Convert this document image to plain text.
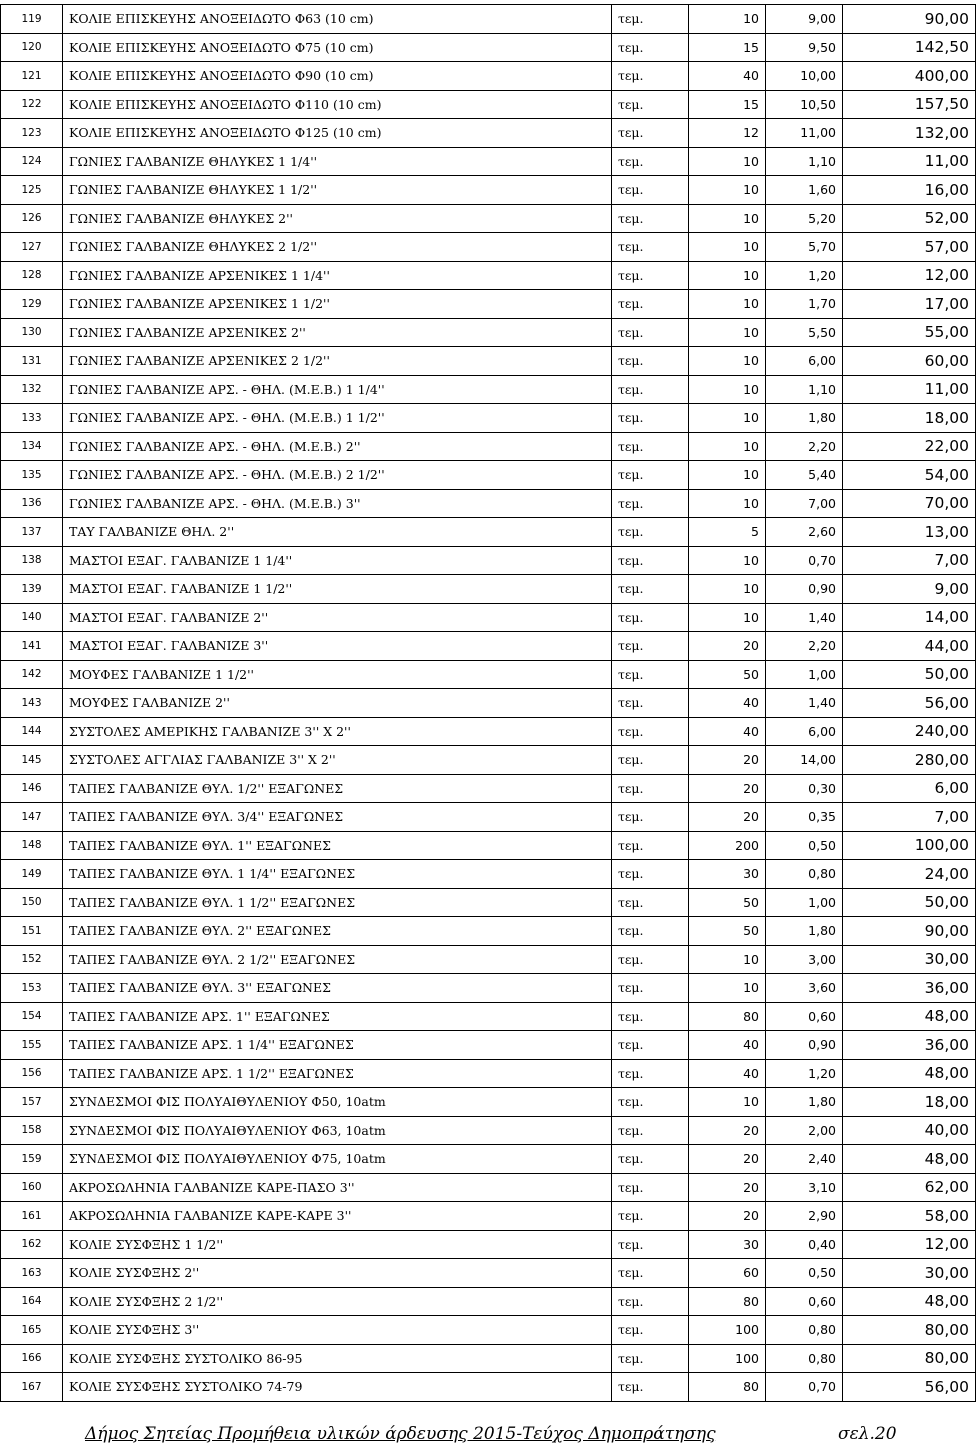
119	ΚΟΛΙΕ ΕΠΙΣΚΕΥΗΣ ΑΝΟΞΕΙΔΩΤΟ Φ63 (10 cm)	τεμ.	10	9,00	90,00
120	ΚΟΛΙΕ ΕΠΙΣΚΕΥΗΣ ΑΝΟΞΕΙΔΩΤΟ Φ75 (10 cm)	τεμ.	15	9,50	142,50
121	ΚΟΛΙΕ ΕΠΙΣΚΕΥΗΣ ΑΝΟΞΕΙΔΩΤΟ Φ90 (10 cm)	τεμ.	40	10,00	400,00
122	ΚΟΛΙΕ ΕΠΙΣΚΕΥΗΣ ΑΝΟΞΕΙΔΩΤΟ Φ110 (10 cm)	τεμ.	15	10,50	157,50
123	ΚΟΛΙΕ ΕΠΙΣΚΕΥΗΣ ΑΝΟΞΕΙΔΩΤΟ Φ125 (10 cm)	τεμ.	12	11,00	132,00
124	ΓΩΝΙΕΣ ΓΑΛΒΑΝΙΖΕ ΘΗΛΥΚΕΣ 1 1/4''	τεμ.	10	1,10	11,00
125	ΓΩΝΙΕΣ ΓΑΛΒΑΝΙΖΕ ΘΗΛΥΚΕΣ 1 1/2''	τεμ.	10	1,60	16,00
126	ΓΩΝΙΕΣ ΓΑΛΒΑΝΙΖΕ ΘΗΛΥΚΕΣ 2''	τεμ.	10	5,20	52,00
127	ΓΩΝΙΕΣ ΓΑΛΒΑΝΙΖΕ ΘΗΛΥΚΕΣ 2 1/2''	τεμ.	10	5,70	57,00
128	ΓΩΝΙΕΣ ΓΑΛΒΑΝΙΖΕ ΑΡΣΕΝΙΚΕΣ 1 1/4''	τεμ.	10	1,20	12,00
129	ΓΩΝΙΕΣ ΓΑΛΒΑΝΙΖΕ ΑΡΣΕΝΙΚΕΣ 1 1/2''	τεμ.	10	1,70	17,00
130	ΓΩΝΙΕΣ ΓΑΛΒΑΝΙΖΕ ΑΡΣΕΝΙΚΕΣ 2''	τεμ.	10	5,50	55,00
131	ΓΩΝΙΕΣ ΓΑΛΒΑΝΙΖΕ ΑΡΣΕΝΙΚΕΣ 2 1/2''	τεμ.	10	6,00	60,00
132	ΓΩΝΙΕΣ ΓΑΛΒΑΝΙΖΕ ΑΡΣ. - ΘΗΛ. (Μ.Ε.Β.) 1 1/4''	τεμ.	10	1,10	11,00
133	ΓΩΝΙΕΣ ΓΑΛΒΑΝΙΖΕ ΑΡΣ. - ΘΗΛ. (Μ.Ε.Β.) 1 1/2''	τεμ.	10	1,80	18,00
134	ΓΩΝΙΕΣ ΓΑΛΒΑΝΙΖΕ ΑΡΣ. - ΘΗΛ. (Μ.Ε.Β.) 2''	τεμ.	10	2,20	22,00
135	ΓΩΝΙΕΣ ΓΑΛΒΑΝΙΖΕ ΑΡΣ. - ΘΗΛ. (Μ.Ε.Β.) 2 1/2''	τεμ.	10	5,40	54,00
136	ΓΩΝΙΕΣ ΓΑΛΒΑΝΙΖΕ ΑΡΣ. - ΘΗΛ. (Μ.Ε.Β.) 3''	τεμ.	10	7,00	70,00
137	ΤΑΥ ΓΑΛΒΑΝΙΖΕ ΘΗΛ. 2''	τεμ.	5	2,60	13,00
138	ΜΑΣΤΟΙ ΕΞΑΓ. ΓΑΛΒΑΝΙΖΕ 1 1/4''	τεμ.	10	0,70	7,00
139	ΜΑΣΤΟΙ ΕΞΑΓ. ΓΑΛΒΑΝΙΖΕ 1 1/2''	τεμ.	10	0,90	9,00
140	ΜΑΣΤΟΙ ΕΞΑΓ. ΓΑΛΒΑΝΙΖΕ 2''	τεμ.	10	1,40	14,00
141	ΜΑΣΤΟΙ ΕΞΑΓ. ΓΑΛΒΑΝΙΖΕ 3''	τεμ.	20	2,20	44,00
142	ΜΟΥΦΕΣ ΓΑΛΒΑΝΙΖΕ 1 1/2''	τεμ.	50	1,00	50,00
143	ΜΟΥΦΕΣ ΓΑΛΒΑΝΙΖΕ 2''	τεμ.	40	1,40	56,00
144	ΣΥΣΤΟΛΕΣ ΑΜΕΡΙΚΗΣ ΓΑΛΒΑΝΙΖΕ 3'' Χ 2''	τεμ.	40	6,00	240,00
145	ΣΥΣΤΟΛΕΣ ΑΓΓΛΙΑΣ ΓΑΛΒΑΝΙΖΕ 3'' Χ 2''	τεμ.	20	14,00	280,00
146	ΤΑΠΕΣ ΓΑΛΒΑΝΙΖΕ ΘΥΛ. 1/2'' ΕΞΑΓΩΝΕΣ	τεμ.	20	0,30	6,00
147	ΤΑΠΕΣ ΓΑΛΒΑΝΙΖΕ ΘΥΛ. 3/4'' ΕΞΑΓΩΝΕΣ	τεμ.	20	0,35	7,00
148	ΤΑΠΕΣ ΓΑΛΒΑΝΙΖΕ ΘΥΛ. 1'' ΕΞΑΓΩΝΕΣ	τεμ.	200	0,50	100,00
149	ΤΑΠΕΣ ΓΑΛΒΑΝΙΖΕ ΘΥΛ. 1 1/4'' ΕΞΑΓΩΝΕΣ	τεμ.	30	0,80	24,00
150	ΤΑΠΕΣ ΓΑΛΒΑΝΙΖΕ ΘΥΛ. 1 1/2'' ΕΞΑΓΩΝΕΣ	τεμ.	50	1,00	50,00
151	ΤΑΠΕΣ ΓΑΛΒΑΝΙΖΕ ΘΥΛ. 2'' ΕΞΑΓΩΝΕΣ	τεμ.	50	1,80	90,00
152	ΤΑΠΕΣ ΓΑΛΒΑΝΙΖΕ ΘΥΛ. 2 1/2'' ΕΞΑΓΩΝΕΣ	τεμ.	10	3,00	30,00
153	ΤΑΠΕΣ ΓΑΛΒΑΝΙΖΕ ΘΥΛ. 3'' ΕΞΑΓΩΝΕΣ	τεμ.	10	3,60	36,00
154	ΤΑΠΕΣ ΓΑΛΒΑΝΙΖΕ ΑΡΣ. 1'' ΕΞΑΓΩΝΕΣ	τεμ.	80	0,60	48,00
155	ΤΑΠΕΣ ΓΑΛΒΑΝΙΖΕ ΑΡΣ. 1 1/4'' ΕΞΑΓΩΝΕΣ	τεμ.	40	0,90	36,00
156	ΤΑΠΕΣ ΓΑΛΒΑΝΙΖΕ ΑΡΣ. 1 1/2'' ΕΞΑΓΩΝΕΣ	τεμ.	40	1,20	48,00
157	ΣΥΝΔΕΣΜΟΙ ΦΙΣ ΠΟΛΥΑΙΘΥΛΕΝΙΟΥ Φ50, 10atm	τεμ.	10	1,80	18,00
158	ΣΥΝΔΕΣΜΟΙ ΦΙΣ ΠΟΛΥΑΙΘΥΛΕΝΙΟΥ Φ63, 10atm	τεμ.	20	2,00	40,00
159	ΣΥΝΔΕΣΜΟΙ ΦΙΣ ΠΟΛΥΑΙΘΥΛΕΝΙΟΥ Φ75, 10atm	τεμ.	20	2,40	48,00
160	ΑΚΡΟΣΩΛΗΝΙΑ ΓΑΛΒΑΝΙΖΕ ΚΑΡΕ-ΠΑΣΟ 3''	τεμ.	20	3,10	62,00
161	ΑΚΡΟΣΩΛΗΝΙΑ ΓΑΛΒΑΝΙΖΕ ΚΑΡΕ-ΚΑΡΕ 3''	τεμ.	20	2,90	58,00
162	ΚΟΛΙΕ ΣΥΣΦΞΗΣ 1 1/2''	τεμ.	30	0,40	12,00
163	ΚΟΛΙΕ ΣΥΣΦΞΗΣ 2''	τεμ.	60	0,50	30,00
164	ΚΟΛΙΕ ΣΥΣΦΞΗΣ 2 1/2''	τεμ.	80	0,60	48,00
165	ΚΟΛΙΕ ΣΥΣΦΞΗΣ 3''	τεμ.	100	0,80	80,00
166	ΚΟΛΙΕ ΣΥΣΦΞΗΣ ΣΥΣΤΟΛΙΚΟ 86-95	τεμ.	100	0,80	80,00
167	ΚΟΛΙΕ ΣΥΣΦΞΗΣ ΣΥΣΤΟΛΙΚΟ 74-79	τεμ.	80	0,70	56,00
Δήμος Σητείας Προμήθεια υλικών άρδευσης 2015-Τεύχος Δημοπράτησης	σελ.20
